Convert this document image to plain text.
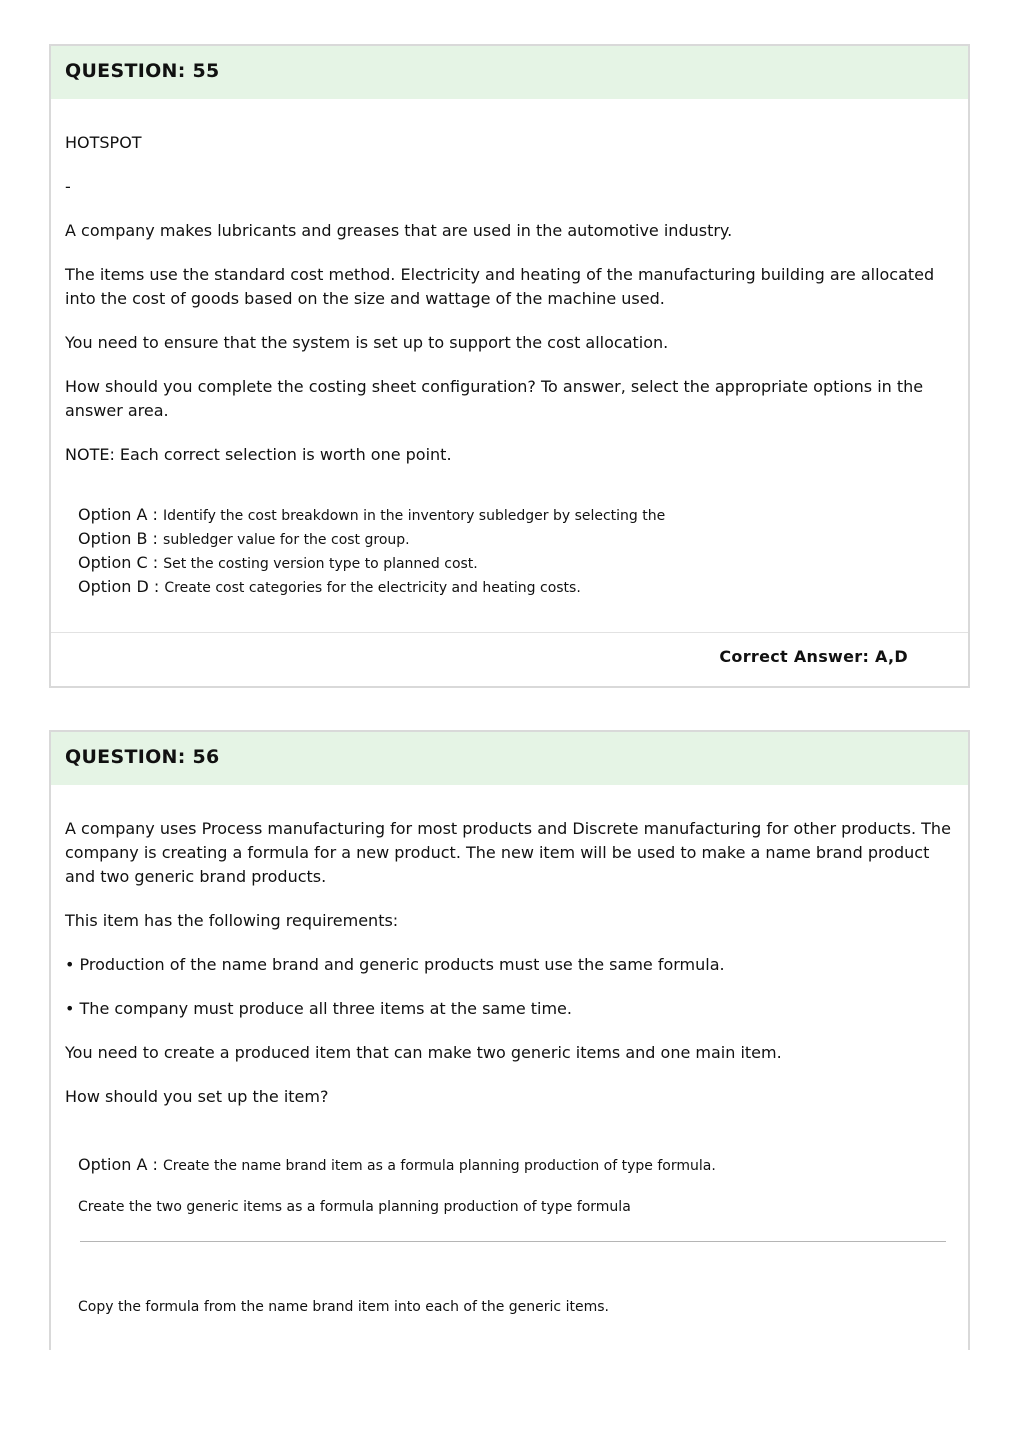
QUESTION: 55

HOTSPOT

-

A company makes lubricants and greases that are used in the automotive industry.

The items use the standard cost method. Electricity and heating of the manufacturing building are allocated into the cost of goods based on the size and wattage of the machine used.

You need to ensure that the system is set up to support the cost allocation.

How should you complete the costing sheet configuration? To answer, select the appropriate options in the answer area.

NOTE: Each correct selection is worth one point.

Option A : Identify the cost breakdown in the inventory subledger by selecting the
Option B : subledger value for the cost group.
Option C : Set the costing version type to planned cost.
Option D : Create cost categories for the electricity and heating costs.
Correct Answer: A,D
QUESTION: 56

A company uses Process manufacturing for most products and Discrete manufacturing for other products. The company is creating a formula for a new product. The new item will be used to make a name brand product and two generic brand products.

This item has the following requirements:

• Production of the name brand and generic products must use the same formula.

• The company must produce all three items at the same time.

You need to create a produced item that can make two generic items and one main item.

How should you set up the item?

Option A : Create the name brand item as a formula planning production of type formula.
Create the two generic items as a formula planning production of type formula
Copy the formula from the name brand item into each of the generic items.
